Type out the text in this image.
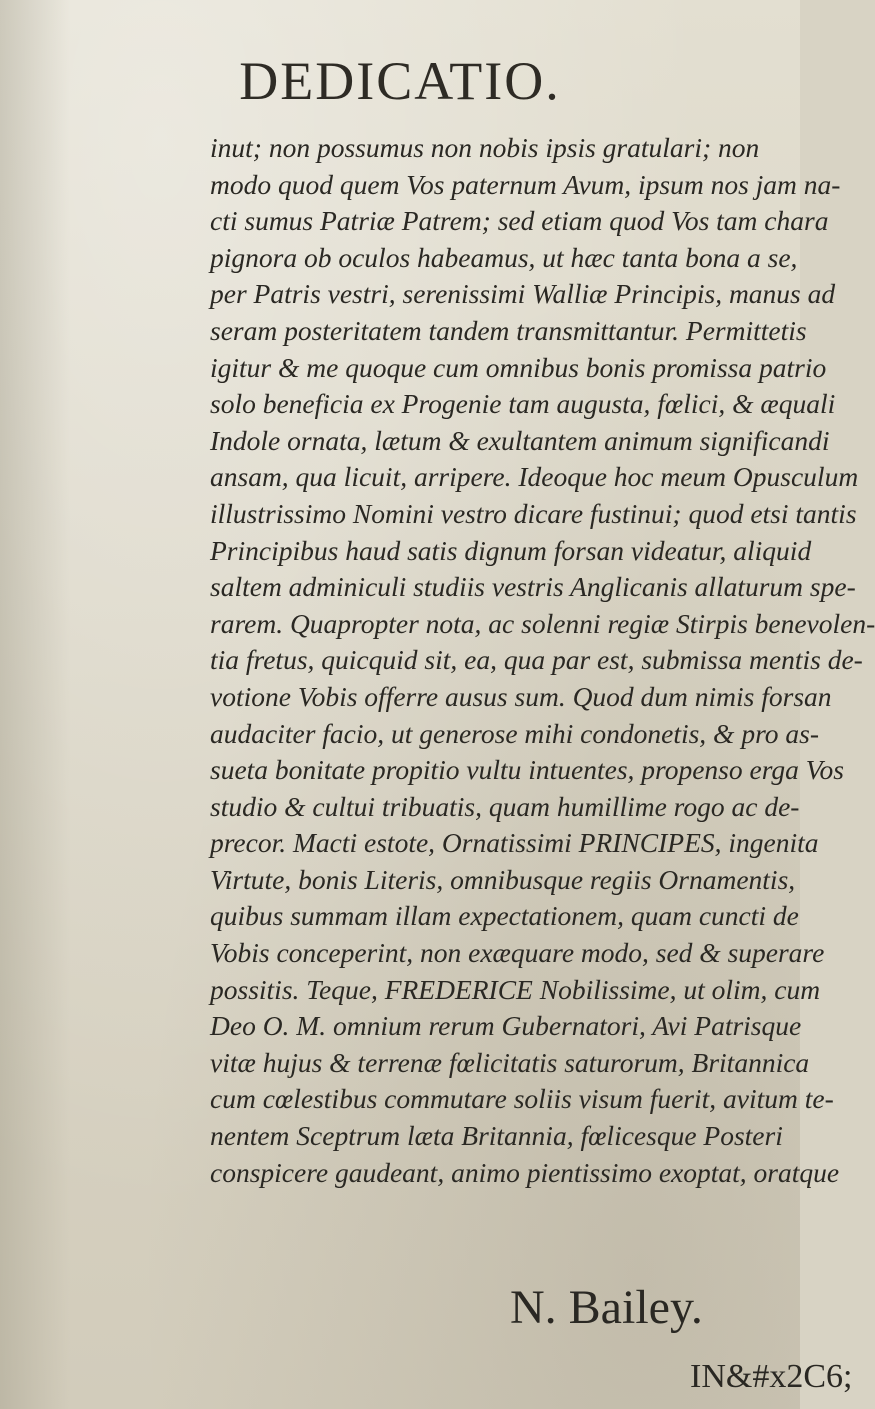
DEDICATIO.
inut; non possumus non nobis ipsis gratulari; non
modo quod quem Vos paternum Avum, ipsum nos jam na-
cti sumus Patriæ Patrem; sed etiam quod Vos tam chara
pignora ob oculos habeamus, ut hæc tanta bona a se,
per Patris vestri, serenissimi Walliæ Principis, manus ad
seram posteritatem tandem transmittantur. Permittetis
igitur & me quoque cum omnibus bonis promissa patrio
solo beneficia ex Progenie tam augusta, fœlici, & æquali
Indole ornata, lætum & exultantem animum significandi
ansam, qua licuit, arripere. Ideoque hoc meum Opusculum
illustrissimo Nomini vestro dicare fustinui; quod etsi tantis
Principibus haud satis dignum forsan videatur, aliquid
saltem adminiculi studiis vestris Anglicanis allaturum spe-
rarem. Quapropter nota, ac solenni regiæ Stirpis benevolen-
tia fretus, quicquid sit, ea, qua par est, submissa mentis de-
votione Vobis offerre ausus sum. Quod dum nimis forsan
audaciter facio, ut generose mihi condonetis, & pro as-
sueta bonitate propitio vultu intuentes, propenso erga Vos
studio & cultui tribuatis, quam humillime rogo ac de-
precor. Macti estote, Ornatissimi PRINCIPES, ingenita
Virtute, bonis Literis, omnibusque regiis Ornamentis,
quibus summam illam expectationem, quam cuncti de
Vobis conceperint, non exæquare modo, sed & superare
possitis. Teque, FREDERICE Nobilissime, ut olim, cum
Deo O. M. omnium rerum Gubernatori, Avi Patrisque
vitæ hujus & terrenæ fœlicitatis saturorum, Britannica
cum cœlestibus commutare soliis visum fuerit, avitum te-
nentem Sceptrum læta Britannia, fœlicesque Posteri
conspicere gaudeant, animo pientissimo exoptat, oratque
N. Bailey.
IN&#x2C6;
